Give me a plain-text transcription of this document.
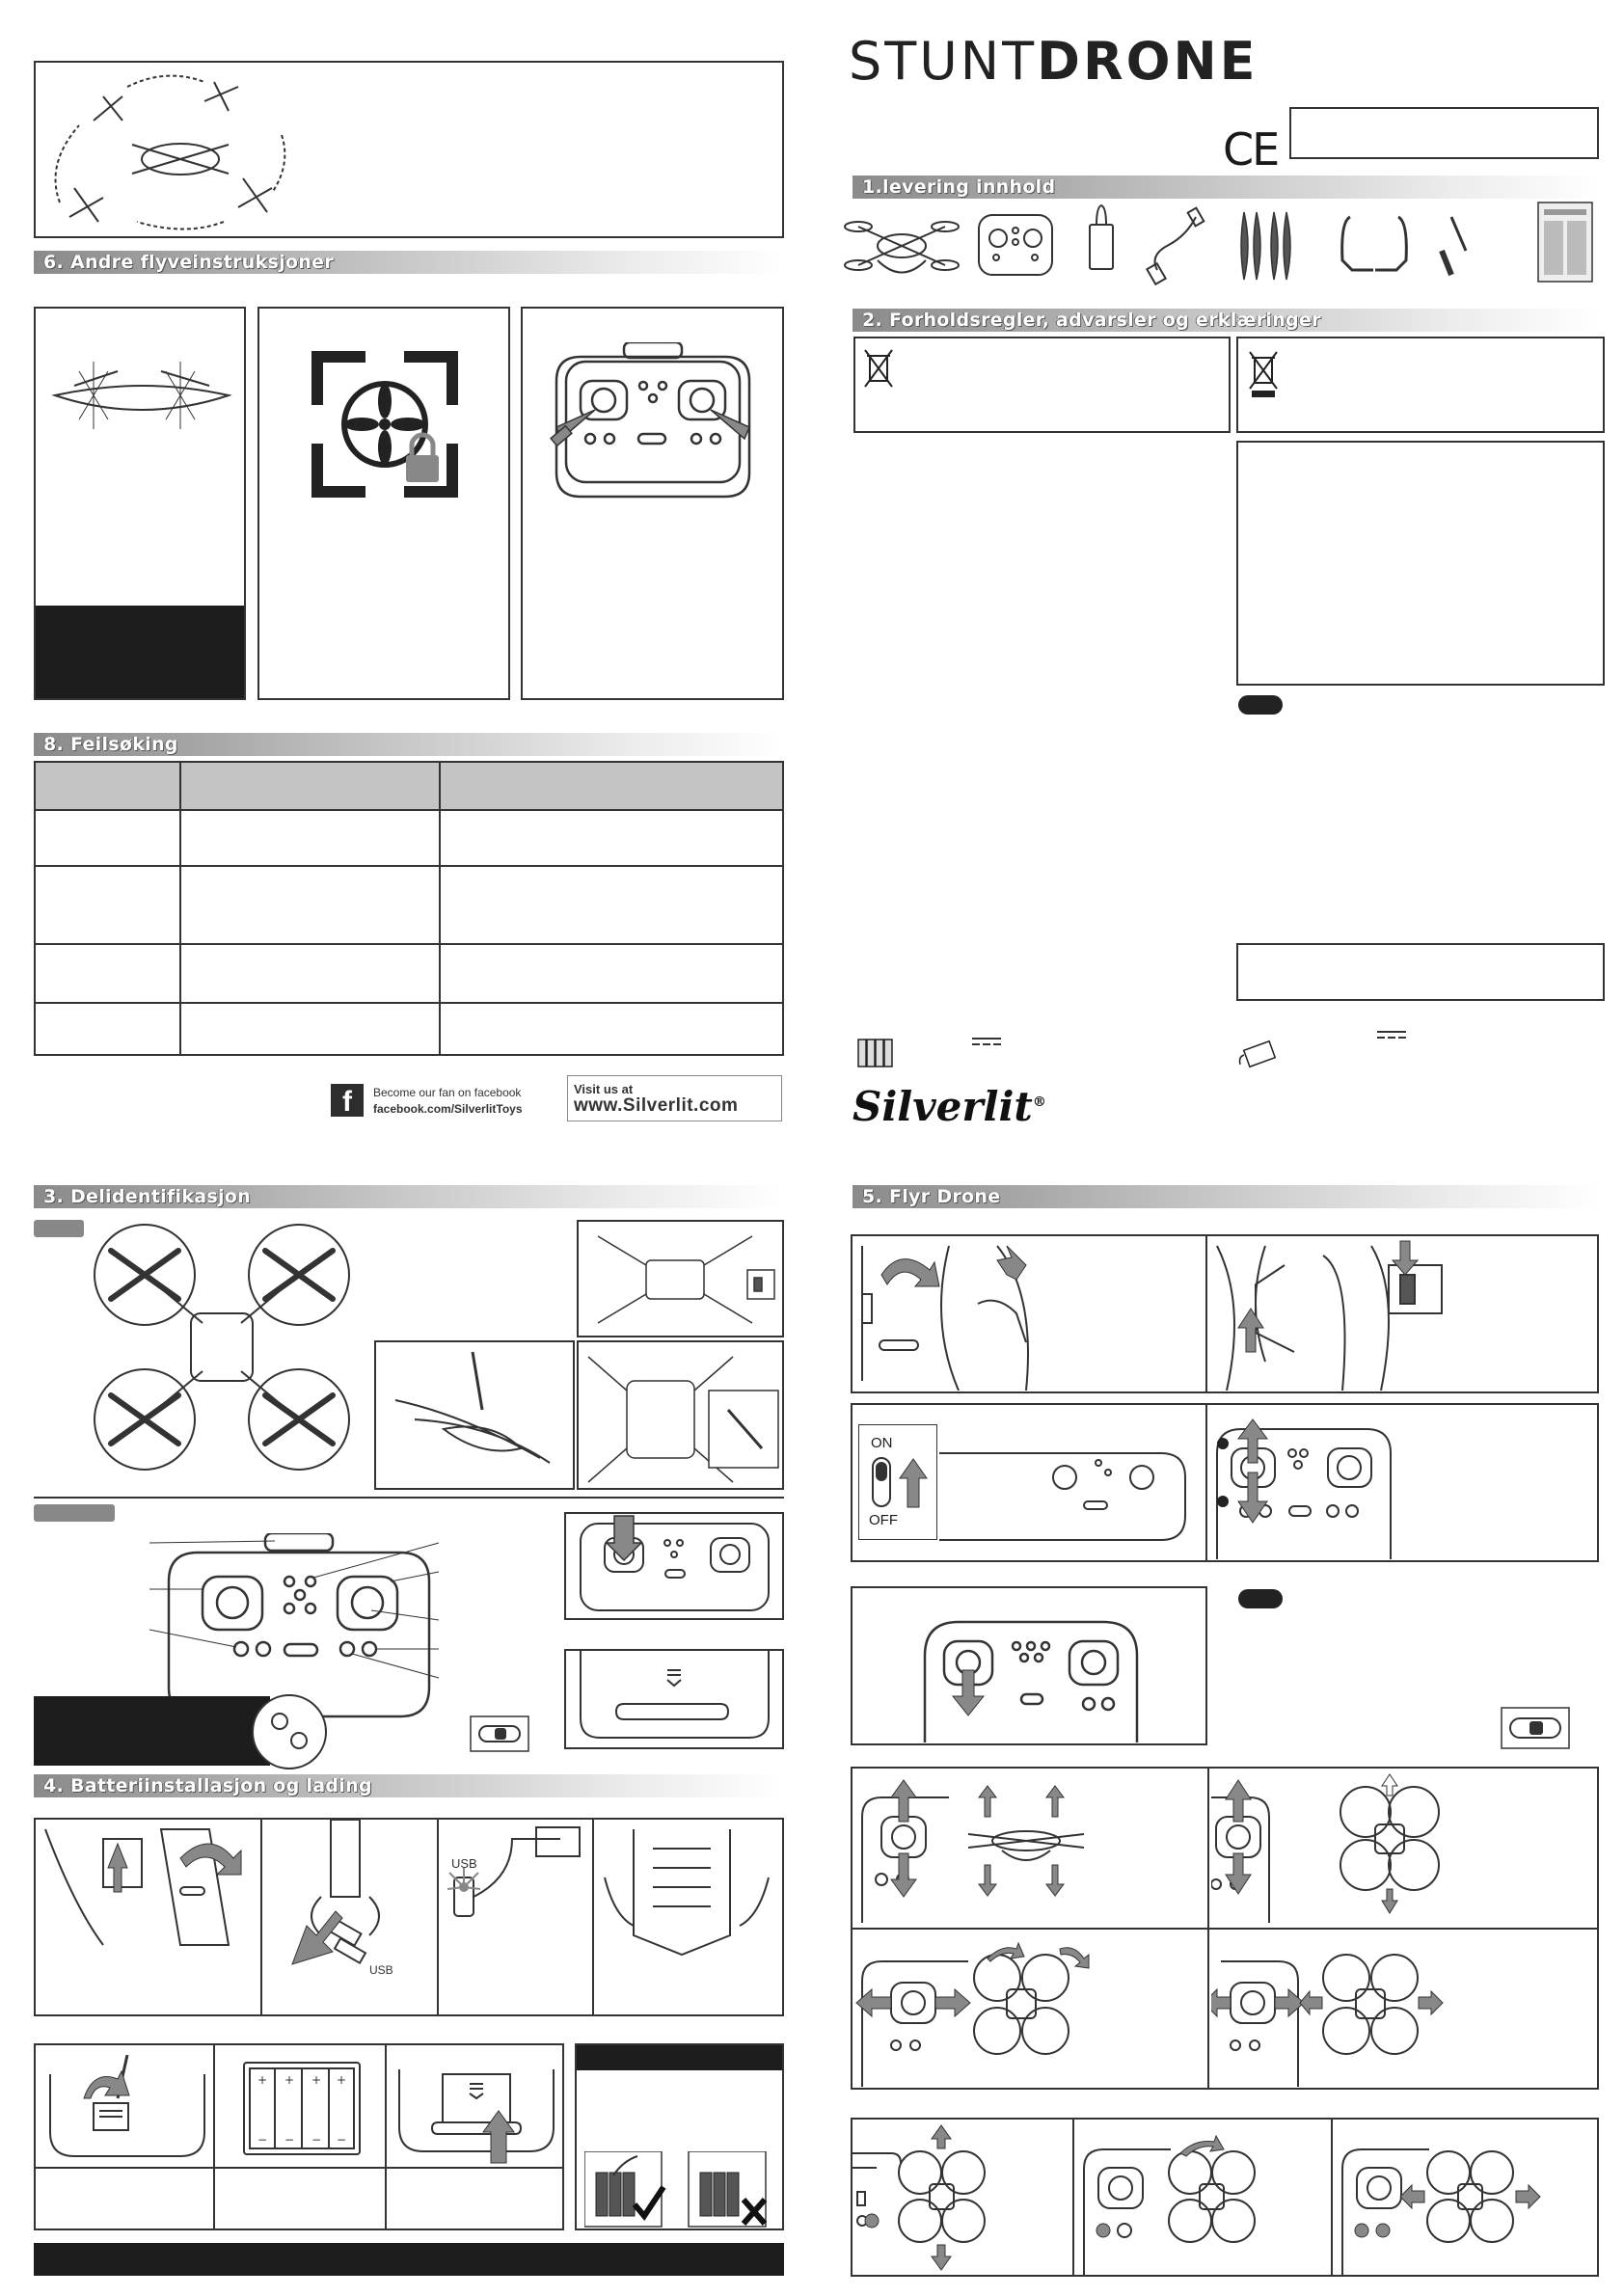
STUNTDRONE
CE
1.levering innhold
2. Forholdsregler, advarsler og erklæringer
Silverlit®
6. Andre flyveinstruksjoner
8. Feilsøking
f	Become our fan on facebook
facebook.com/SilverlitToys
Visit us at
www.Silverlit.com
3. Delidentifikasjon
4. Batteriinstallasjon og lading
USB
USB
+ + + +
− − − −
5. Flyr Drone
ON
OFF
